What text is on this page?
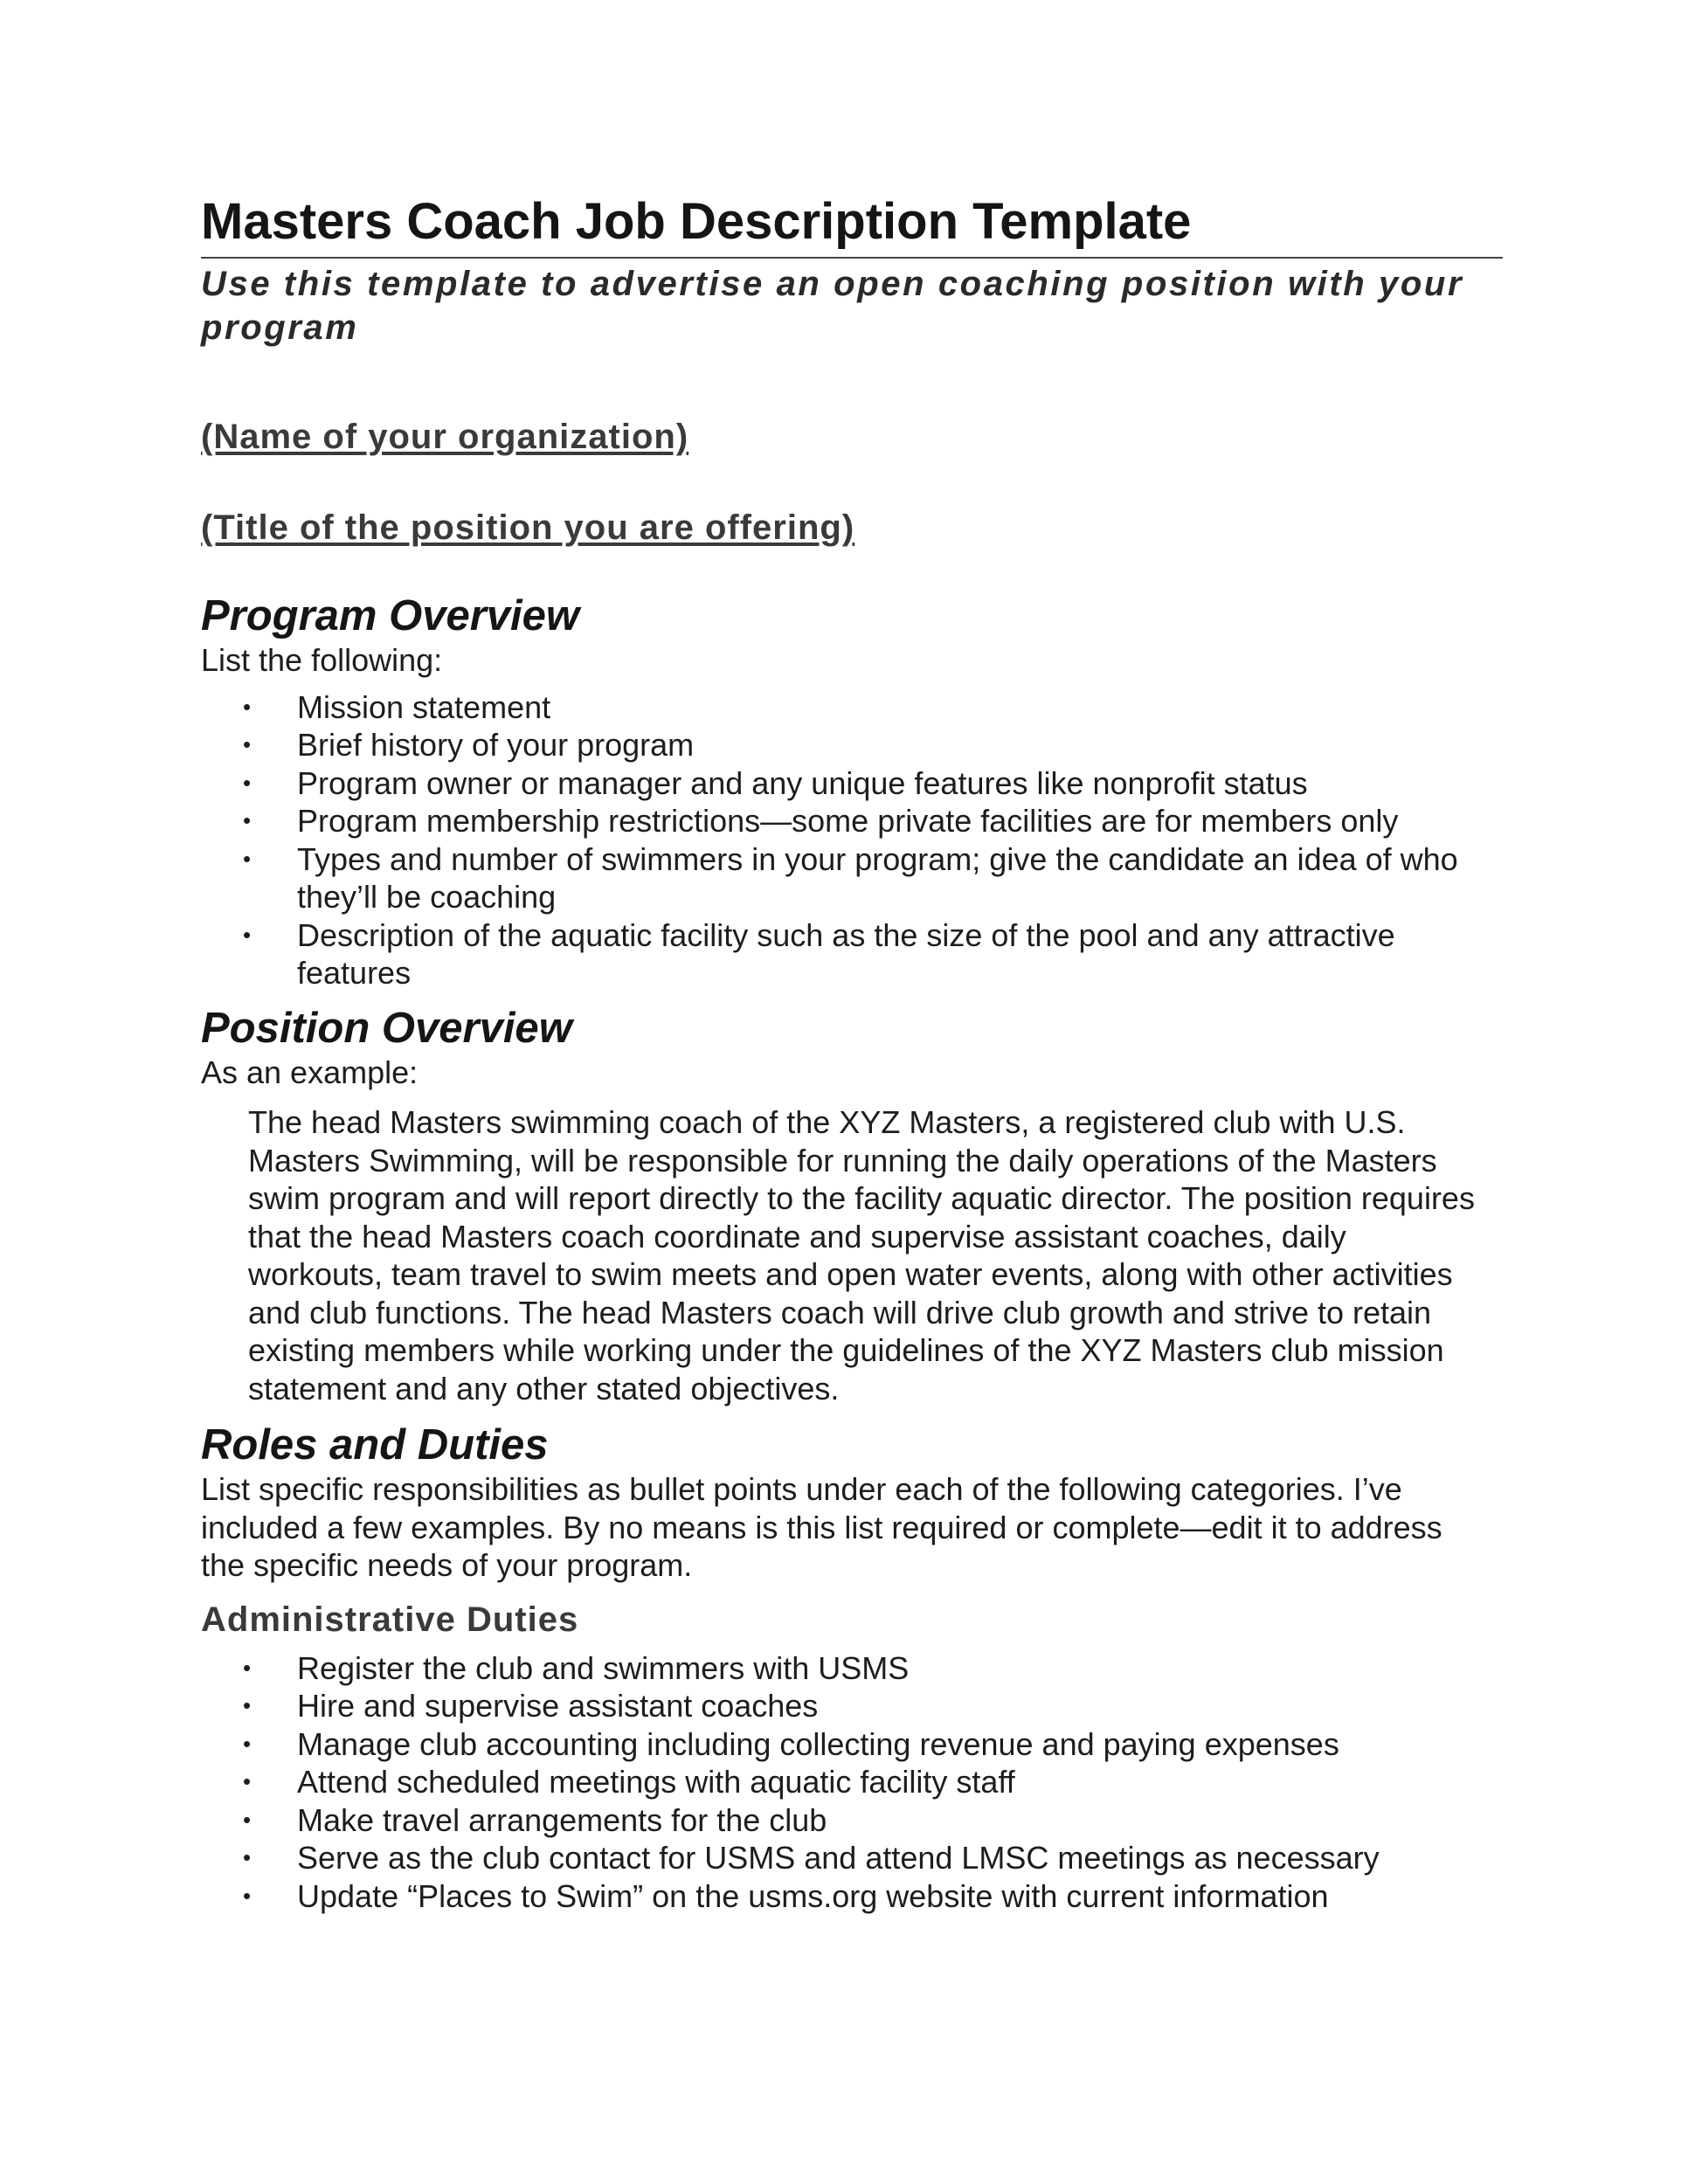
Masters Coach Job Description Template

Use this template to advertise an open coaching position with your program

(Name of your organization)

(Title of the position you are offering)

Program Overview

List the following:

• Mission statement
• Brief history of your program
• Program owner or manager and any unique features like nonprofit status
• Program membership restrictions—some private facilities are for members only
• Types and number of swimmers in your program; give the candidate an idea of who they’ll be coaching
• Description of the aquatic facility such as the size of the pool and any attractive features
Position Overview

As an example:

The head Masters swimming coach of the XYZ Masters, a registered club with U.S. Masters Swimming, will be responsible for running the daily operations of the Masters swim program and will report directly to the facility aquatic director. The position requires that the head Masters coach coordinate and supervise assistant coaches, daily workouts, team travel to swim meets and open water events, along with other activities and club functions. The head Masters coach will drive club growth and strive to retain existing members while working under the guidelines of the XYZ Masters club mission statement and any other stated objectives.

Roles and Duties

List specific responsibilities as bullet points under each of the following categories. I’ve included a few examples. By no means is this list required or complete—edit it to address the specific needs of your program.

Administrative Duties
• Register the club and swimmers with USMS
• Hire and supervise assistant coaches
• Manage club accounting including collecting revenue and paying expenses
• Attend scheduled meetings with aquatic facility staff
• Make travel arrangements for the club
• Serve as the club contact for USMS and attend LMSC meetings as necessary
• Update “Places to Swim” on the usms.org website with current information
